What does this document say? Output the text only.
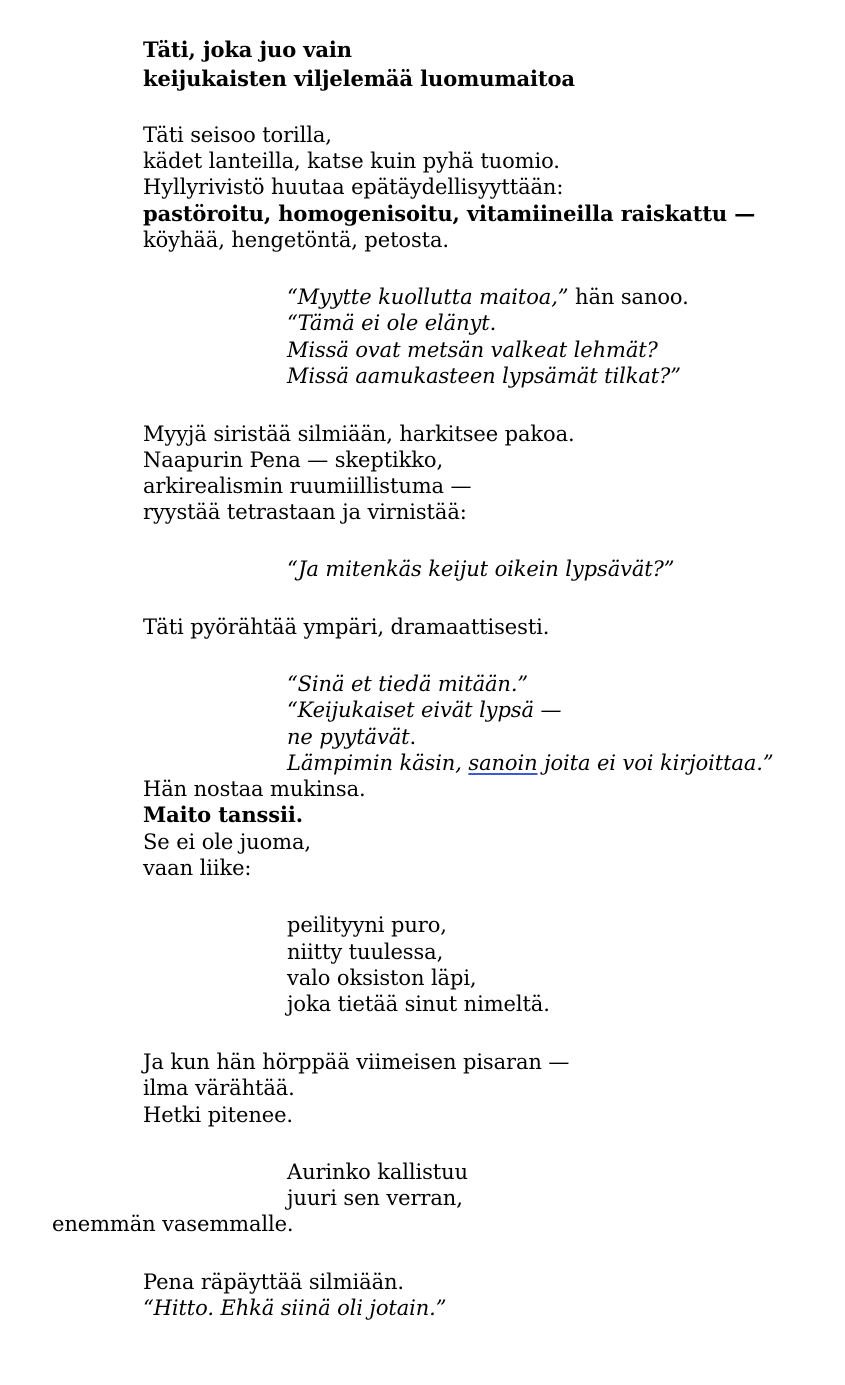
Täti, joka juo vain
keijukaisten viljelemää luomumaitoa
Täti seisoo torilla,
kädet lanteilla, katse kuin pyhä tuomio.
Hyllyrivistö huutaa epätäydellisyyttään:
pastöroitu, homogenisoitu, vitamiineilla raiskattu —
köyhää, hengetöntä, petosta.
“Myytte kuollutta maitoa,” hän sanoo.
“Tämä ei ole elänyt.
Missä ovat metsän valkeat lehmät?
Missä aamukasteen lypsämät tilkat?”
Myyjä siristää silmiään, harkitsee pakoa.
Naapurin Pena — skeptikko,
arkirealismin ruumiillistuma —
ryystää tetrastaan ja virnistää:
“Ja mitenkäs keijut oikein lypsävät?”
Täti pyörähtää ympäri, dramaattisesti.
“Sinä et tiedä mitään.”
“Keijukaiset eivät lypsä —
ne pyytävät.
Lämpimin käsin, sanoin joita ei voi kirjoittaa.”
Hän nostaa mukinsa.
Maito tanssii.
Se ei ole juoma,
vaan liike:
peilityyni puro,
niitty tuulessa,
valo oksiston läpi,
joka tietää sinut nimeltä.
Ja kun hän hörppää viimeisen pisaran —
ilma värähtää.
Hetki pitenee.
Aurinko kallistuu
juuri sen verran,
enemmän vasemmalle.
Pena räpäyttää silmiään.
“Hitto. Ehkä siinä oli jotain.”
